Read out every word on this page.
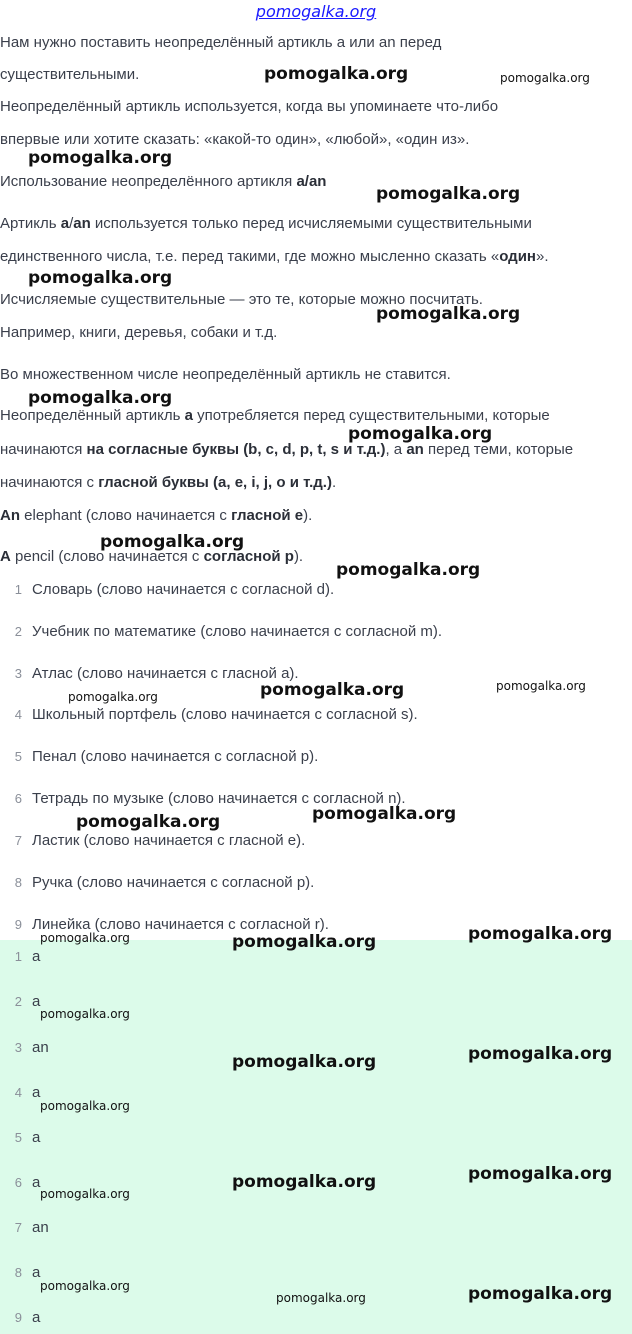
pomogalka.org
Нам нужно поставить неопределённый артикль a или an перед
существительными.
Неопределённый артикль используется, когда вы упоминаете что-либо
впервые или хотите сказать: «какой-то один», «любой», «один из».
Использование неопределённого артикля a/an
Артикль a/an используется только перед исчисляемыми существительными
единственного числа, т.е. перед такими, где можно мысленно сказать «один».
Исчисляемые существительные — это те, которые можно посчитать.
Например, книги, деревья, собаки и т.д.
Во множественном числе неопределённый артикль не ставится.
Неопределённый артикль a употребляется перед существительными, которые
начинаются на согласные буквы (b, c, d, p, t, s и т.д.), а an перед теми, которые
начинаются с гласной буквы (a, e, i, j, o и т.д.).
An elephant (слово начинается с гласной e).
A pencil (слово начинается с согласной p).
1 Словарь (слово начинается с согласной d).
2 Учебник по математике (слово начинается с согласной m).
3 Атлас (слово начинается с гласной a).
4 Школьный портфель (слово начинается с согласной s).
5 Пенал (слово начинается с согласной p).
6 Тетрадь по музыке (слово начинается с согласной n).
7 Ластик (слово начинается с гласной e).
8 Ручка (слово начинается с согласной p).
9 Линейка (слово начинается с согласной r).
1 a
2 a
3 an
4 a
5 a
6 a
7 an
8 a
9 a
pomogalka.org	pomogalka.org
pomogalka.org
pomogalka.org
pomogalka.org
pomogalka.org
pomogalka.org
pomogalka.org
pomogalka.org
pomogalka.org
pomogalka.org	pomogalka.org	pomogalka.org
pomogalka.org	pomogalka.org
pomogalka.org	pomogalka.org	pomogalka.org
pomogalka.org
pomogalka.org	pomogalka.org
pomogalka.org
pomogalka.org
pomogalka.org	pomogalka.org
pomogalka.org
pomogalka.org	pomogalka.org
